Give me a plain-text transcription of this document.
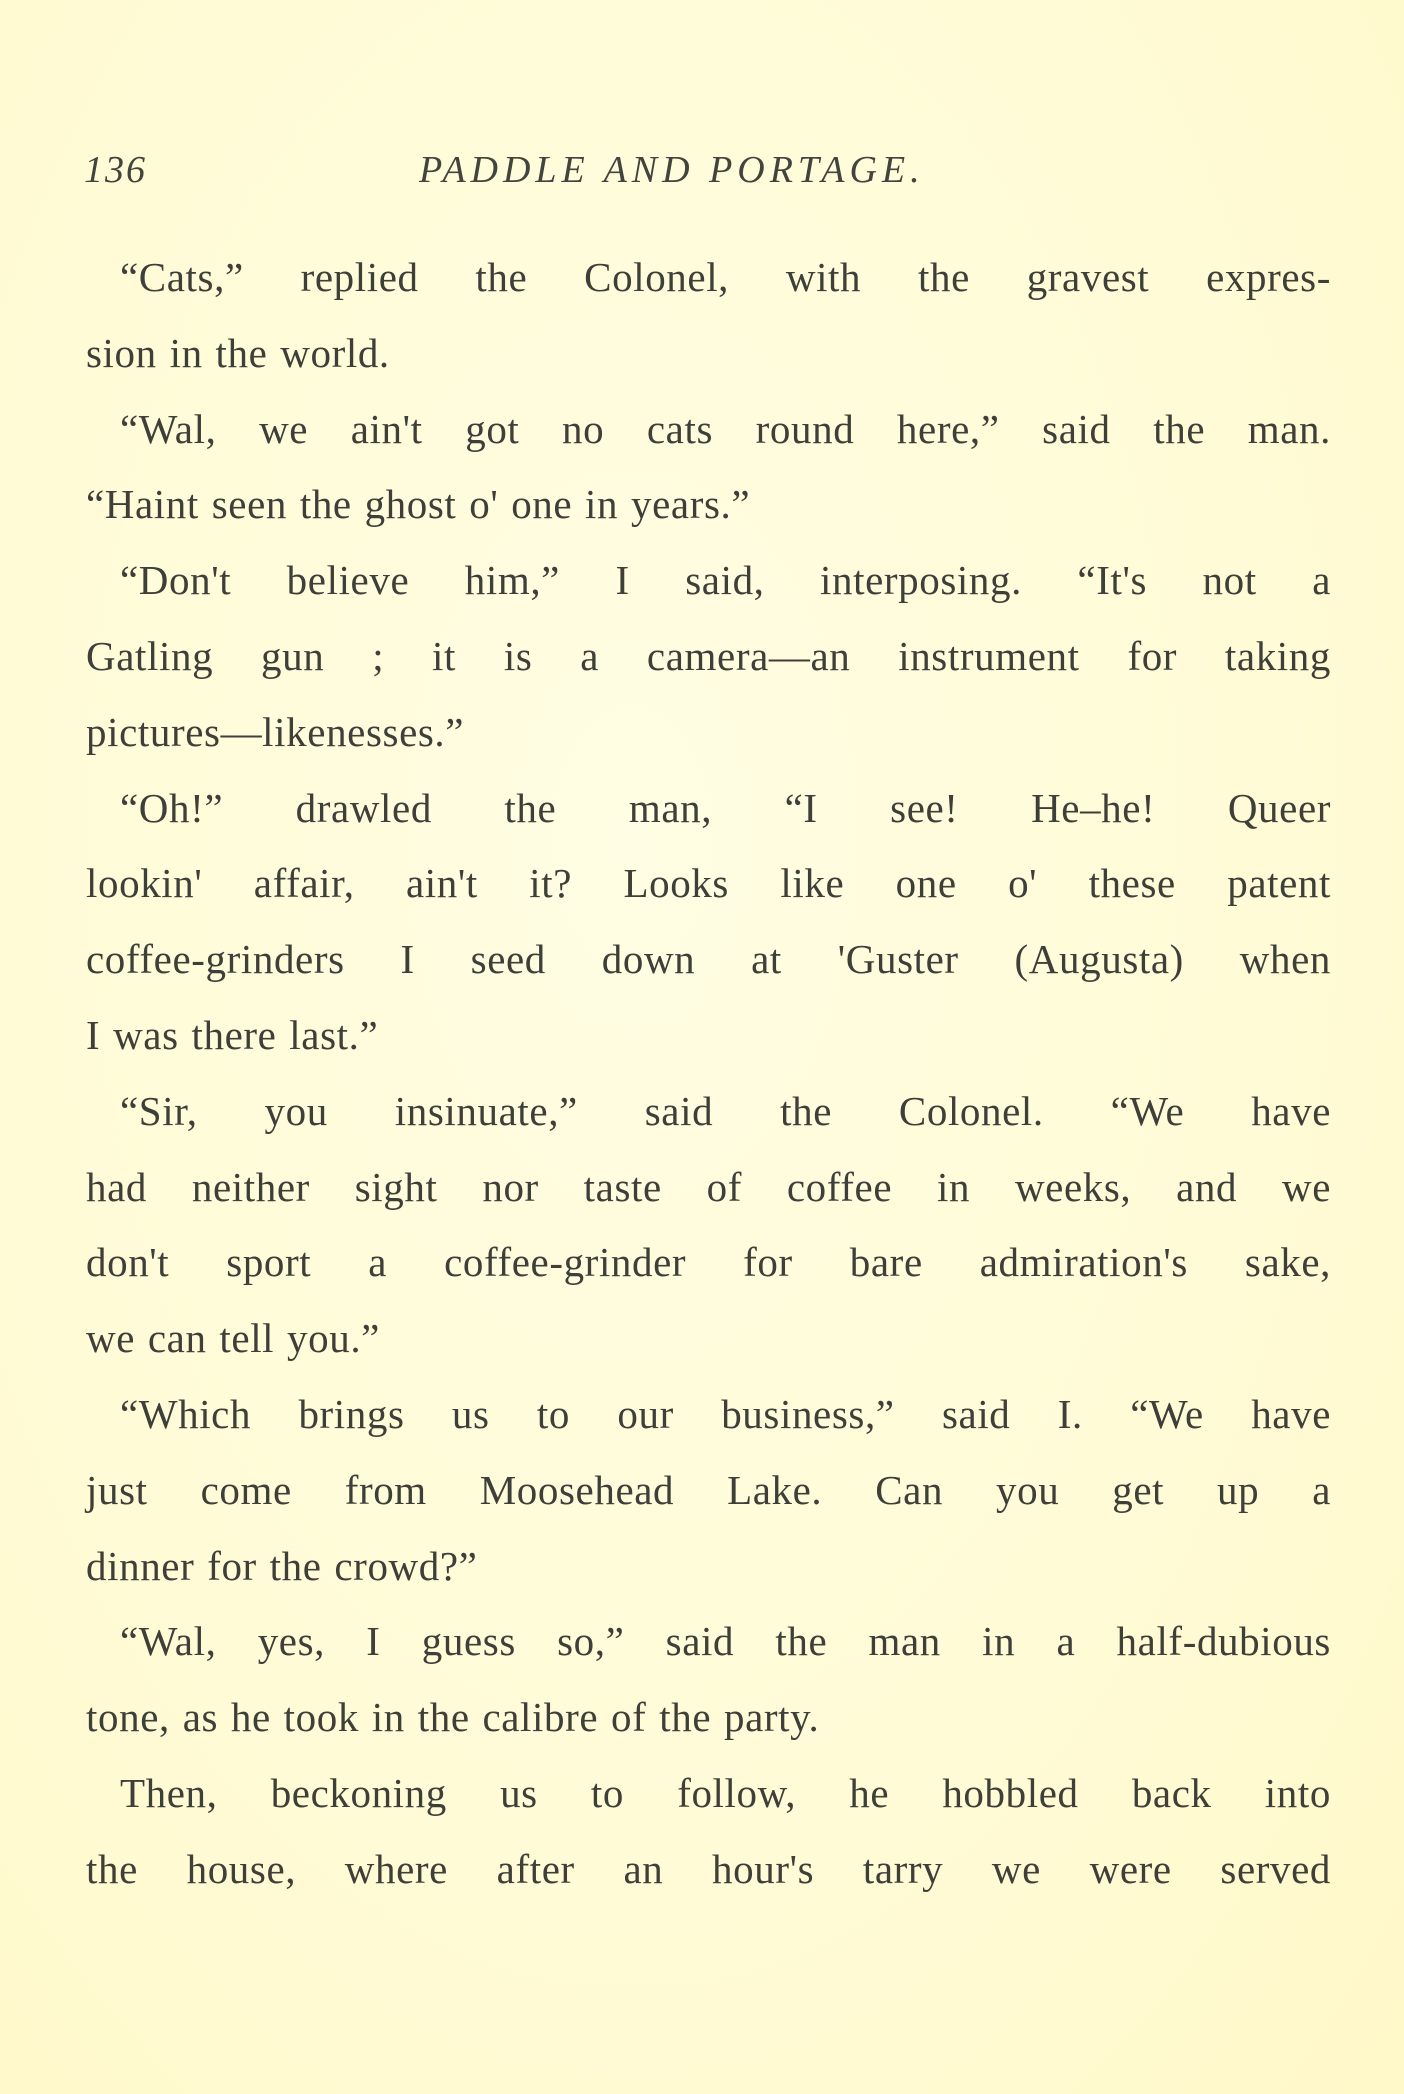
136	PADDLE AND PORTAGE.
“Cats,” replied the Colonel, with the gravest expres-
sion in the world.
“Wal, we ain't got no cats round here,” said the man.
“Haint seen the ghost o' one in years.”
“Don't believe him,” I said, interposing. “It's not a
Gatling gun ; it is a camera—an instrument for taking
pictures—likenesses.”
“Oh!” drawled the man, “I see! He–he! Queer
lookin' affair, ain't it? Looks like one o' these patent
coffee-grinders I seed down at 'Guster (Augusta) when
I was there last.”
“Sir, you insinuate,” said the Colonel. “We have
had neither sight nor taste of coffee in weeks, and we
don't sport a coffee-grinder for bare admiration's sake,
we can tell you.”
“Which brings us to our business,” said I. “We have
just come from Moosehead Lake. Can you get up a
dinner for the crowd?”
“Wal, yes, I guess so,” said the man in a half-dubious
tone, as he took in the calibre of the party.
Then, beckoning us to follow, he hobbled back into
the house, where after an hour's tarry we were served
